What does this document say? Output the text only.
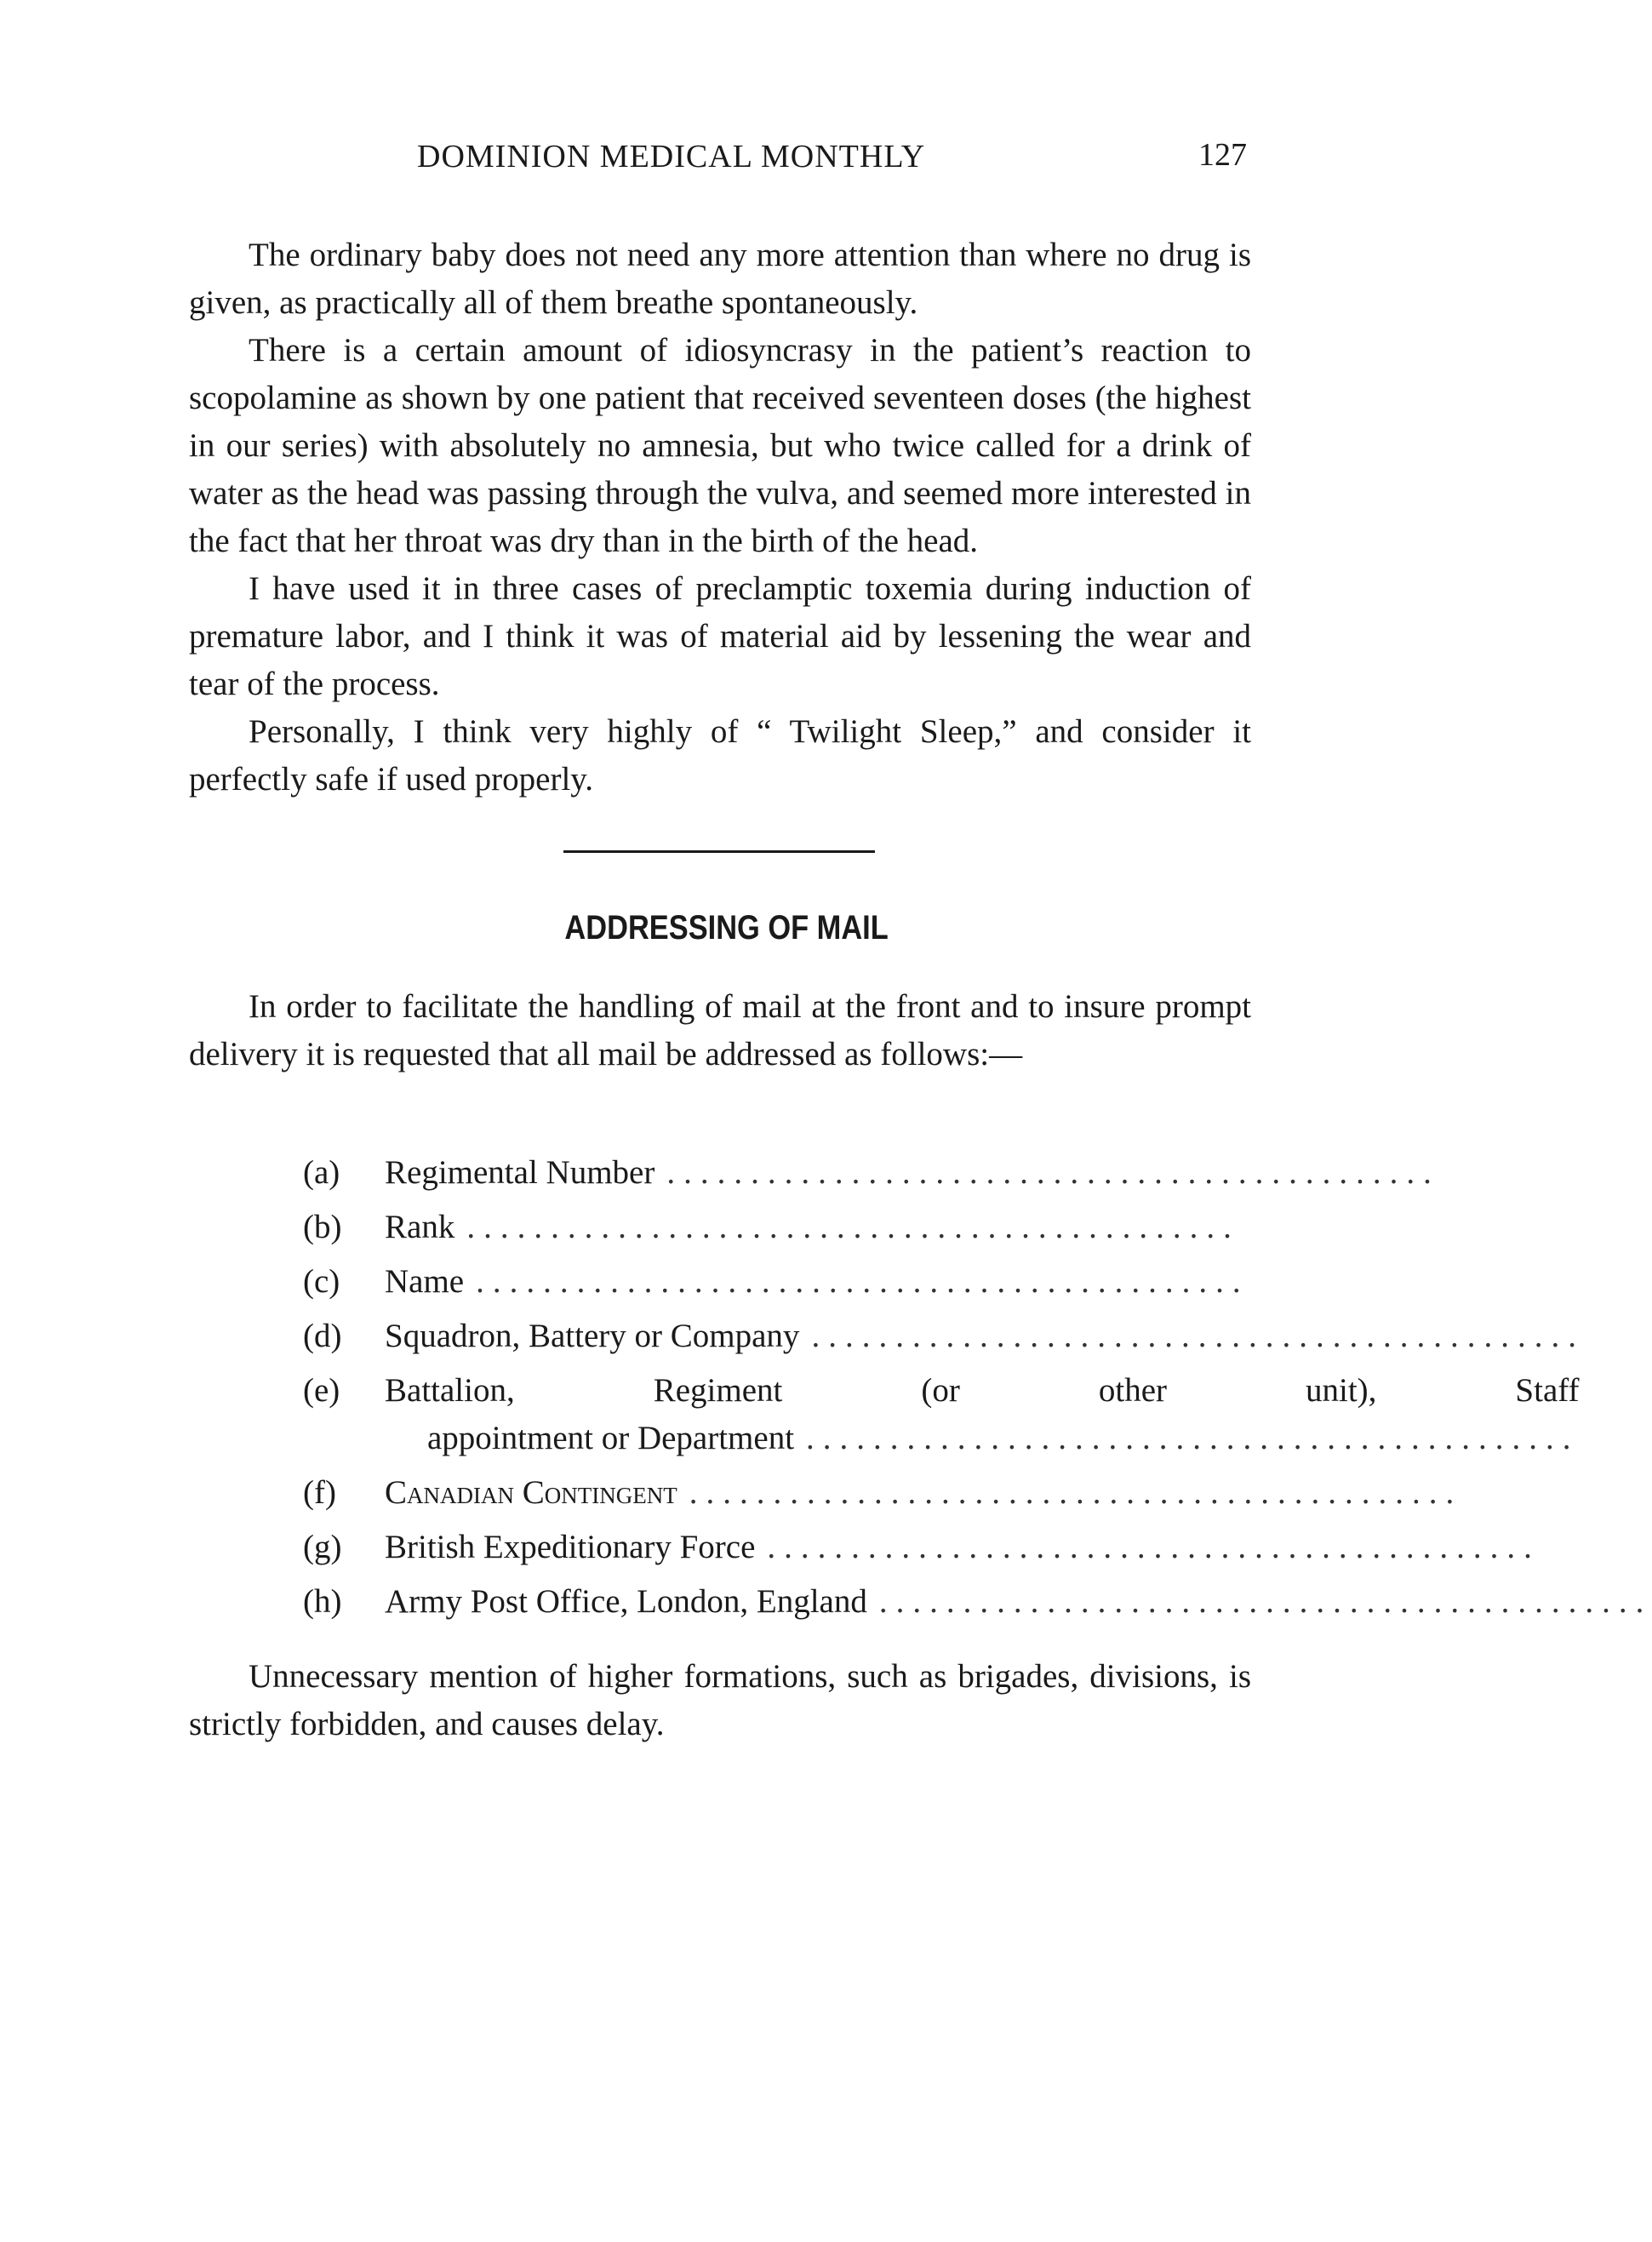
DOMINION MEDICAL MONTHLY	127

The ordinary baby does not need any more attention than where no drug is given, as practically all of them breathe spontaneously.

There is a certain amount of idiosyncrasy in the patient’s reaction to scopolamine as shown by one patient that received seventeen doses (the highest in our series) with absolutely no amnesia, but who twice called for a drink of water as the head was passing through the vulva, and seemed more interested in the fact that her throat was dry than in the birth of the head.

I have used it in three cases of preclamptic toxemia during induction of premature labor, and I think it was of material aid by lessening the wear and tear of the process.

Personally, I think very highly of “ Twilight Sleep,” and consider it perfectly safe if used properly.

ADDRESSING OF MAIL

In order to facilitate the handling of mail at the front and to insure prompt delivery it is requested that all mail be addressed as follows:—

(a)	Regimental Number ..............................................
(b)	Rank ..............................................
(c)	Name ..............................................
(d)	Squadron, Battery or Company ..............................................
(e)	Battalion, Regiment (or other unit), Staff
appointment or Department ..............................................
(f)	Canadian Contingent ..............................................
(g)	British Expeditionary Force ..............................................
(h)	Army Post Office, London, England ..............................................

Unnecessary mention of higher formations, such as brigades, divisions, is strictly forbidden, and causes delay.
